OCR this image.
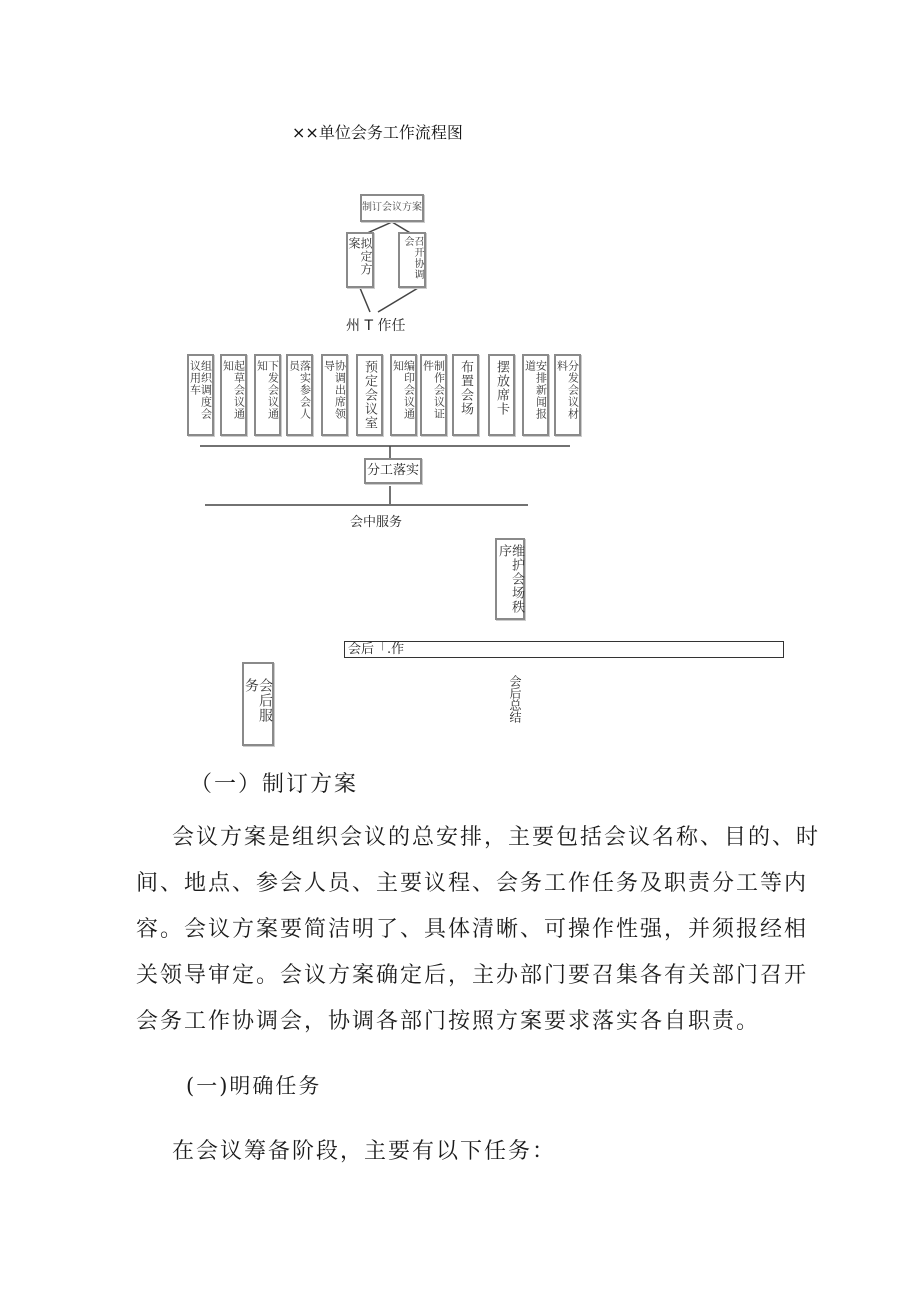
××单位会务工作流程图
制订会议方案
拟定方案	召开协调会
州 T 作任
组织调度会议用车	起草会议通知	下发会议通知	落实参会人员	协调出席领导	预定会议室	编印会议通知	制作会议证件	布置会场 摆放席卡	安排新闻报道	分发会议材料
分工落实
会中服务
维护会场秩序
会后「.作
会后服务	会后总结
（一）制订方案
会议方案是组织会议的总安排，主要包括会议名称、目的、时
间、地点、参会人员、主要议程、会务工作任务及职责分工等内
容。会议方案要简洁明了、具体清晰、可操作性强，并须报经相
关领导审定。会议方案确定后，主办部门要召集各有关部门召开
会务工作协调会，协调各部门按照方案要求落实各自职责。
(一)明确任务
在会议筹备阶段，主要有以下任务：
